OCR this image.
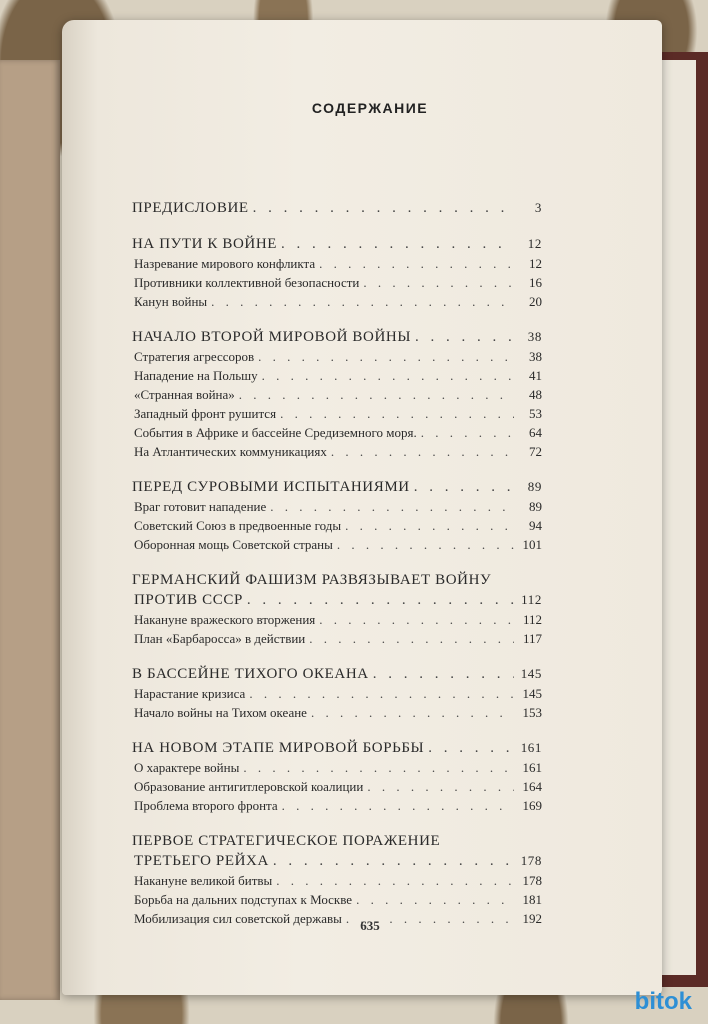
СОДЕРЖАНИЕ
ПРЕДИСЛОВИЕ . . .	3
НА ПУТИ К ВОЙНЕ . . .	12
Назревание мирового конфликта . . .	12
Противники коллективной безопасности . . .	16
Канун войны . . .	20
НАЧАЛО ВТОРОЙ МИРОВОЙ ВОЙНЫ . . .	38
Стратегия агрессоров . . .	38
Нападение на Польшу . . .	41
«Странная война» . . .	48
Западный фронт рушится . . .	53
События в Африке и бассейне Средиземного моря. . . .	64
На Атлантических коммуникациях . . .	72
ПЕРЕД СУРОВЫМИ ИСПЫТАНИЯМИ . . .	89
Враг готовит нападение . . .	89
Советский Союз в предвоенные годы . . .	94
Оборонная мощь Советской страны . . .	101
ГЕРМАНСКИЙ ФАШИЗМ РАЗВЯЗЫВАЕТ ВОЙНУ
ПРОТИВ СССР . . .	112
Накануне вражеского вторжения . . .	112
План «Барбаросса» в действии . . .	117
В БАССЕЙНЕ ТИХОГО ОКЕАНА . . .	145
Нарастание кризиса . . .	145
Начало войны на Тихом океане . . .	153
НА НОВОМ ЭТАПЕ МИРОВОЙ БОРЬБЫ . . .	161
О характере войны . . .	161
Образование антигитлеровской коалиции . . .	164
Проблема второго фронта . . .	169
ПЕРВОЕ СТРАТЕГИЧЕСКОЕ ПОРАЖЕНИЕ
ТРЕТЬЕГО РЕЙХА . . .	178
Накануне великой битвы . . .	178
Борьба на дальних подступах к Москве . . .	181
Мобилизация сил советской державы . . .	192
635
bitok
